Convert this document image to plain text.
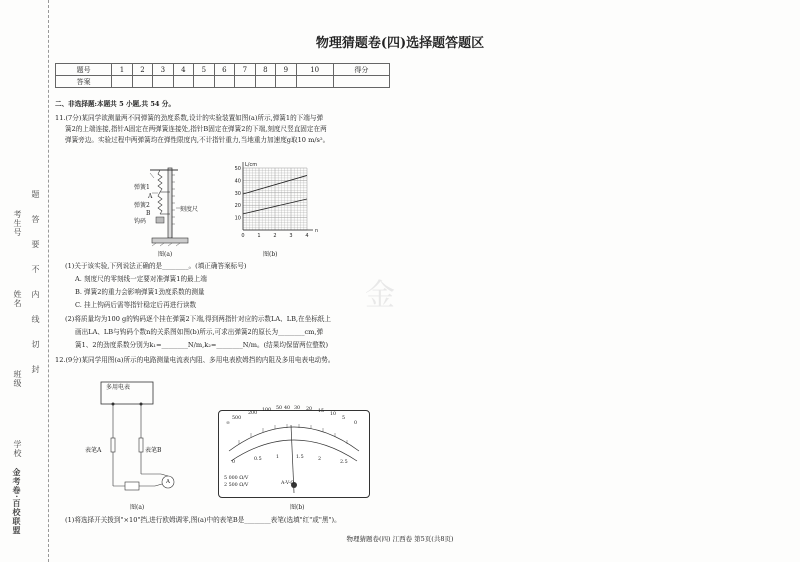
题
答
要
不
内
线
切
封
考生号
姓名
班级
学校
金考卷·百校联盟
物理猜题卷(四)选择题答题区
题号	1	2	3	4	5	6	7	8	9	10	得分
答案											
二、非选择题:本题共 5 小题,共 54 分。
11.(7分)某同学欲测量两不同弹簧的劲度系数,设计的实验装置如图(a)所示,弹簧1的下端与弹
簧2的上端连接,指针A固定在两弹簧连接处,指针B固定在弹簧2的下端,刻度尺竖直固定在两
弹簧旁边。实验过程中两弹簧均在弹性限度内,不计指针重力,当地重力加速度g取10 m/s²。
弹簧1
A
弹簧2
B
钩码
刻度尺
图(a)
0	1	2	3	4
10
20
30
40
50
n
L/cm
图(b)
(1)关于该实验,下列说法正确的是________。(填正确答案标号)
A. 刻度尺的零刻线一定要对准弹簧1的最上端
B. 弹簧2的重力会影响弹簧1劲度系数的测量
C. 挂上钩码后需等指针稳定后再进行读数
(2)将质量均为100 g的钩码逐个挂在弹簧2下端,得到两指针对应的示数LA、LB,在坐标纸上
画出LA、LB与钩码个数n的关系图如图(b)所示,可求出弹簧2的原长为________cm,弹
簧1、2的劲度系数分别为k₁=________N/m,k₂=________N/m。(结果均保留两位整数)
12.(9分)某同学用图(a)所示的电路测量电流表内阻、多用电表欧姆挡的内阻及多用电表电动势。
多用电表
表笔A	表笔B
A
图(a)
∞
500
200
100 50 40 30 20 15
10
5
0
0
0.5	1	1.5	2
2.5
5 000 Ω/V
2 500 Ω/V	A-V-Ω
图(b)
(1)将选择开关拨到"×10"挡,进行欧姆调零,图(a)中的表笔B是________表笔(选填"红"或"黑")。
物理猜题卷(四) 江西卷 第5页(共8页)
金
